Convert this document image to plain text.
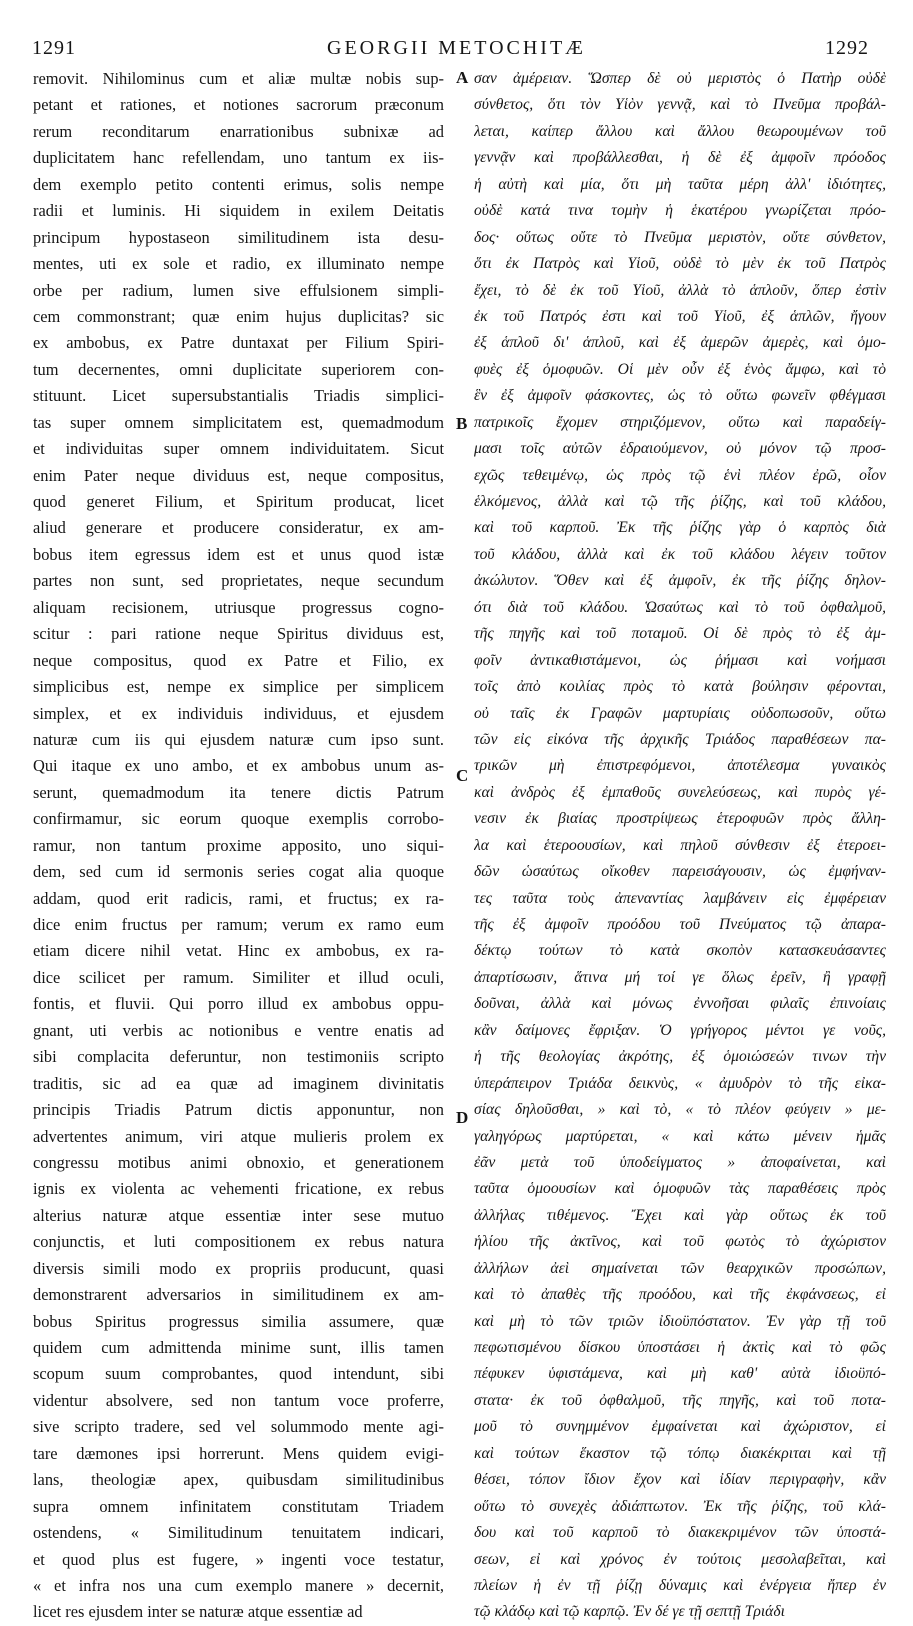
1291	GEORGII METOCHITÆ	1292
removit. Nihilominus cum et aliæ multæ nobis sup-
petant et rationes, et notiones sacrorum præconum
rerum reconditarum enarrationibus subnixæ ad
duplicitatem hanc refellendam, uno tantum ex iis-
dem exemplo petito contenti erimus, solis nempe
radii et luminis. Hi siquidem in exilem Deitatis
principum hypostaseon similitudinem ista desu-
mentes, uti ex sole et radio, ex illuminato nempe
orbe per radium, lumen sive effulsionem simpli-
cem commonstrant; quæ enim hujus duplicitas? sic
ex ambobus, ex Patre duntaxat per Filium Spiri-
tum decernentes, omni duplicitate superiorem con-
stituunt. Licet supersubstantialis Triadis simplici-
tas super omnem simplicitatem est, quemadmodum
et individuitas super omnem individuitatem. Sicut
enim Pater neque dividuus est, neque compositus,
quod generet Filium, et Spiritum producat, licet
aliud generare et producere consideratur, ex am-
bobus item egressus idem est et unus quod istæ
partes non sunt, sed proprietates, neque secundum
aliquam recisionem, utriusque progressus cogno-
scitur : pari ratione neque Spiritus dividuus est,
neque compositus, quod ex Patre et Filio, ex
simplicibus est, nempe ex simplice per simplicem
simplex, et ex individuis individuus, et ejusdem
naturæ cum iis qui ejusdem naturæ cum ipso sunt.
Qui itaque ex uno ambo, et ex ambobus unum as-
serunt, quemadmodum ita tenere dictis Patrum
confirmamur, sic eorum quoque exemplis corrobo-
ramur, non tantum proxime apposito, uno siqui-
dem, sed cum id sermonis series cogat alia quoque
addam, quod erit radicis, rami, et fructus; ex ra-
dice enim fructus per ramum; verum ex ramo eum
etiam dicere nihil vetat. Hinc ex ambobus, ex ra-
dice scilicet per ramum. Similiter et illud oculi,
fontis, et fluvii. Qui porro illud ex ambobus oppu-
gnant, uti verbis ac notionibus e ventre enatis ad
sibi complacita deferuntur, non testimoniis scripto
traditis, sic ad ea quæ ad imaginem divinitatis
principis Triadis Patrum dictis apponuntur, non
advertentes animum, viri atque mulieris prolem ex
congressu motibus animi obnoxio, et generationem
ignis ex violenta ac vehementi fricatione, ex rebus
alterius naturæ atque essentiæ inter sese mutuo
conjunctis, et luti compositionem ex rebus natura
diversis simili modo ex propriis producunt, quasi
demonstrarent adversarios in similitudinem ex am-
bobus Spiritus progressus similia assumere, quæ
quidem cum admittenda minime sunt, illis tamen
scopum suum comprobantes, quod intendunt, sibi
videntur absolvere, sed non tantum voce proferre,
sive scripto tradere, sed vel solummodo mente agi-
tare dæmones ipsi horrerunt. Mens quidem evigi-
lans, theologiæ apex, quibusdam similitudinibus
supra omnem infinitatem constitutam Triadem
ostendens, « Similitudinum tenuitatem indicari,
et quod plus est fugere, » ingenti voce testatur,
« et infra nos una cum exemplo manere » decernit,
licet res ejusdem inter se naturæ atque essentiæ ad
σαν ἀμέρειαν. Ὥσπερ δὲ οὐ μεριστὸς ὁ Πατὴρ οὐδὲ
σύνθετος, ὅτι τὸν Υἱὸν γεννᾷ, καὶ τὸ Πνεῦμα προβάλ-
λεται, καίπερ ἄλλου καὶ ἄλλου θεωρουμένων τοῦ
γεννᾷν καὶ προβάλλεσθαι, ἡ δὲ ἐξ ἀμφοῖν πρόοδος
ἡ αὐτὴ καὶ μία, ὅτι μὴ ταῦτα μέρη ἀλλ' ἰδιότητες,
οὐδὲ κατά τινα τομὴν ἡ ἑκατέρου γνωρίζεται πρόο-
δος· οὕτως οὔτε τὸ Πνεῦμα μεριστὸν, οὔτε σύνθετον,
ὅτι ἐκ Πατρὸς καὶ Υἱοῦ, οὐδὲ τὸ μὲν ἐκ τοῦ Πατρὸς
ἔχει, τὸ δὲ ἐκ τοῦ Υἱοῦ, ἀλλὰ τὸ ἁπλοῦν, ὅπερ ἐστὶν
ἐκ τοῦ Πατρός ἐστι καὶ τοῦ Υἱοῦ, ἐξ ἁπλῶν, ἤγουν
ἐξ ἁπλοῦ δι' ἁπλοῦ, καὶ ἐξ ἀμερῶν ἀμερὲς, καὶ ὁμο-
φυὲς ἐξ ὁμοφυῶν. Οἱ μὲν οὖν ἐξ ἑνὸς ἄμφω, καὶ τὸ
ἓν ἐξ ἀμφοῖν φάσκοντες, ὡς τὸ οὕτω φωνεῖν φθέγμασι
πατρικοῖς ἔχομεν στηριζόμενον, οὕτω καὶ παραδείγ-
μασι τοῖς αὐτῶν ἑδραιούμενον, οὐ μόνον τῷ προσ-
εχῶς τεθειμένῳ, ὡς πρὸς τῷ ἑνὶ πλέον ἐρῶ, οἷον
ἑλκόμενος, ἀλλὰ καὶ τῷ τῆς ῥίζης, καὶ τοῦ κλάδου,
καὶ τοῦ καρποῦ. Ἐκ τῆς ῥίζης γὰρ ὁ καρπὸς διὰ
τοῦ κλάδου, ἀλλὰ καὶ ἐκ τοῦ κλάδου λέγειν τοῦτον
ἀκώλυτον. Ὅθεν καὶ ἐξ ἀμφοῖν, ἐκ τῆς ῥίζης δηλον-
ότι διὰ τοῦ κλάδου. Ὡσαύτως καὶ τὸ τοῦ ὀφθαλμοῦ,
τῆς πηγῆς καὶ τοῦ ποταμοῦ. Οἱ δὲ πρὸς τὸ ἐξ ἀμ-
φοῖν ἀντικαθιστάμενοι, ὡς ῥήμασι καὶ νοήμασι
τοῖς ἀπὸ κοιλίας πρὸς τὸ κατὰ βούλησιν φέρονται,
οὐ ταῖς ἐκ Γραφῶν μαρτυρίαις οὐδοπωσοῦν, οὕτω
τῶν εἰς εἰκόνα τῆς ἀρχικῆς Τριάδος παραθέσεων πα-
τρικῶν μὴ ἐπιστρεφόμενοι, ἀποτέλεσμα γυναικὸς
καὶ ἀνδρὸς ἐξ ἐμπαθοῦς συνελεύσεως, καὶ πυρὸς γέ-
νεσιν ἐκ βιαίας προστρίψεως ἑτεροφυῶν πρὸς ἄλλη-
λα καὶ ἑτεροουσίων, καὶ πηλοῦ σύνθεσιν ἐξ ἑτεροει-
δῶν ὡσαύτως οἴκοθεν παρεισάγουσιν, ὡς ἐμφήναν-
τες ταῦτα τοὺς ἀπεναντίας λαμβάνειν εἰς ἐμφέρειαν
τῆς ἐξ ἀμφοῖν προόδου τοῦ Πνεύματος τῷ ἀπαρα-
δέκτῳ τούτων τὸ κατὰ σκοπὸν κατασκευάσαντες
ἀπαρτίσωσιν, ἅτινα μή τοί γε ὅλως ἐρεῖν, ἢ γραφῇ
δοῦναι, ἀλλὰ καὶ μόνως ἐννοῆσαι φιλαῖς ἐπινοίαις
κἂν δαίμονες ἔφριξαν. Ὁ γρήγορος μέντοι γε νοῦς,
ἡ τῆς θεολογίας ἀκρότης, ἐξ ὁμοιώσεών τινων τὴν
ὑπεράπειρον Τριάδα δεικνὺς, « ἀμυδρὸν τὸ τῆς εἰκα-
σίας δηλοῦσθαι, » καὶ τὸ, « τὸ πλέον φεύγειν » με-
γαληγόρως μαρτύρεται, « καὶ κάτω μένειν ἡμᾶς
ἐᾶν μετὰ τοῦ ὑποδείγματος » ἀποφαίνεται, καὶ
ταῦτα ὁμοουσίων καὶ ὁμοφυῶν τὰς παραθέσεις πρὸς
ἀλλήλας τιθέμενος. Ἔχει καὶ γὰρ οὕτως ἐκ τοῦ
ἡλίου τῆς ἀκτῖνος, καὶ τοῦ φωτὸς τὸ ἀχώριστον
ἀλλήλων ἀεὶ σημαίνεται τῶν θεαρχικῶν προσώπων,
καὶ τὸ ἀπαθὲς τῆς προόδου, καὶ τῆς ἐκφάνσεως, εἰ
καὶ μὴ τὸ τῶν τριῶν ἰδιοϋπόστατον. Ἐν γὰρ τῇ τοῦ
πεφωτισμένου δίσκου ὑποστάσει ἡ ἀκτὶς καὶ τὸ φῶς
πέφυκεν ὑφιστάμενα, καὶ μὴ καθ' αὐτὰ ἰδιοϋπό-
στατα· ἐκ τοῦ ὀφθαλμοῦ, τῆς πηγῆς, καὶ τοῦ ποτα-
μοῦ τὸ συνημμένον ἐμφαίνεται καὶ ἀχώριστον, εἰ
καὶ τούτων ἕκαστον τῷ τόπῳ διακέκριται καὶ τῇ
θέσει, τόπον ἴδιον ἔχον καὶ ἰδίαν περιγραφὴν, κἂν
οὕτω τὸ συνεχὲς ἀδιάπτωτον. Ἐκ τῆς ῥίζης, τοῦ κλά-
δου καὶ τοῦ καρποῦ τὸ διακεκριμένον τῶν ὑποστά-
σεων, εἰ καὶ χρόνος ἐν τούτοις μεσολαβεῖται, καὶ
πλείων ἡ ἐν τῇ ῥίζῃ δύναμις καὶ ἐνέργεια ἤπερ ἐν
τῷ κλάδῳ καὶ τῷ καρπῷ. Ἐν δέ γε τῇ σεπτῇ Τριάδι
A
B
C
D
